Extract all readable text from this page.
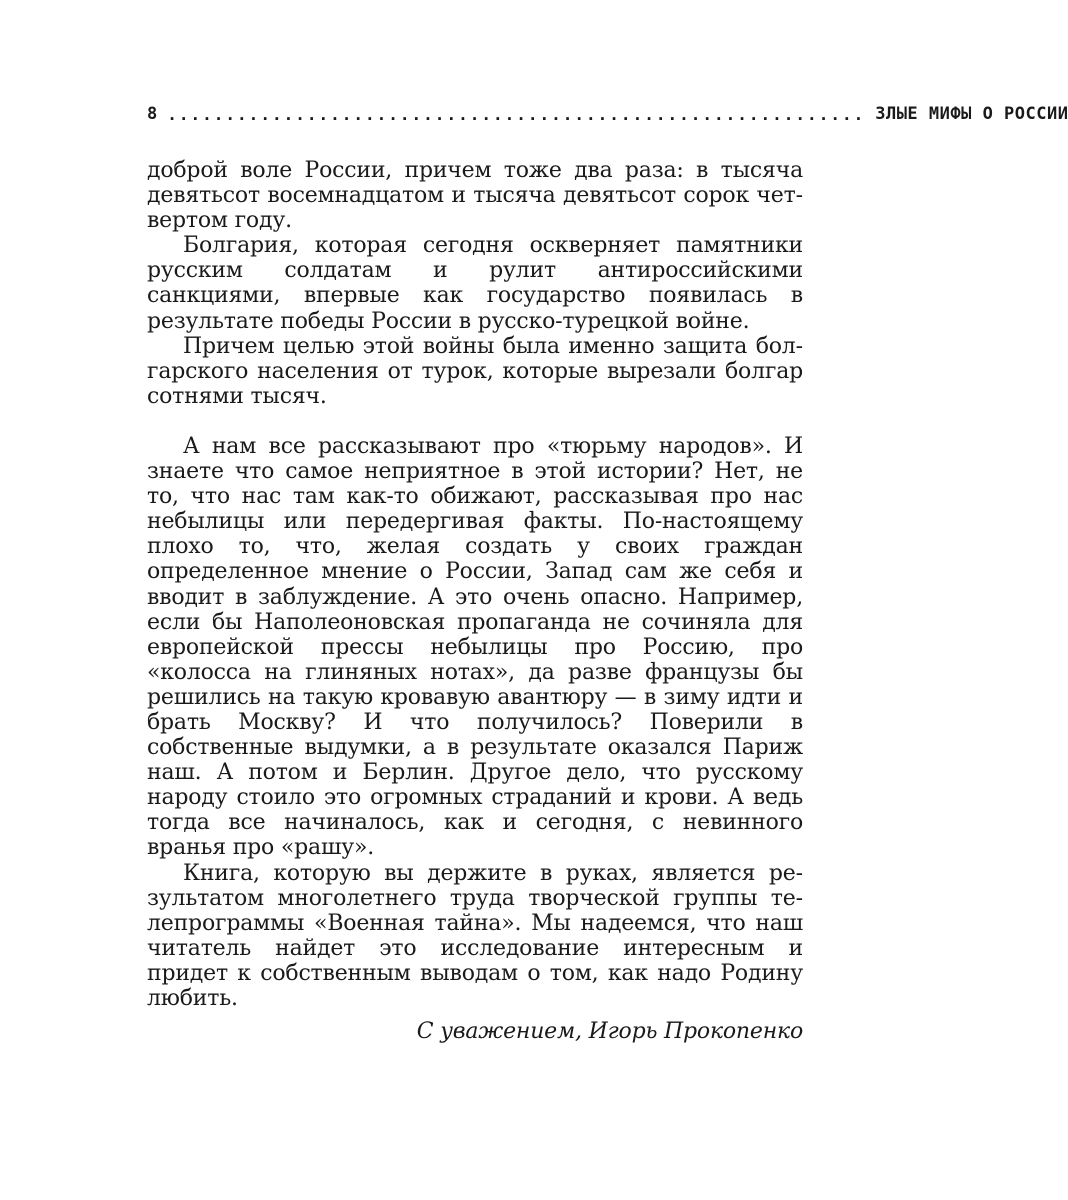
8 ............................................................ ЗЛЫЕ МИФЫ О РОССИИ

доброй воле России, причем тоже два раза: в тысяча девятьсот восемнадцатом и тысяча девятьсот сорок четвертом году.

Болгария, которая сегодня оскверняет памятники русским солдатам и рулит антироссийскими санкциями, впервые как государство появилась в результате победы России в русско-турецкой войне.

Причем целью этой войны была именно защита болгарского населения от турок, которые вырезали болгар сотнями тысяч.

А нам все рассказывают про «тюрьму народов». И знаете что самое неприятное в этой истории? Нет, не то, что нас там как-то обижают, рассказывая про нас небылицы или передергивая факты. По-настоящему плохо то, что, желая создать у своих граждан определенное мнение о России, Запад сам же себя и вводит в заблуждение. А это очень опасно. Например, если бы Наполеоновская пропаганда не сочиняла для европейской прессы небылицы про Россию, про «колосса на глиняных нотах», да разве французы бы решились на такую кровавую авантюру — в зиму идти и брать Москву? И что получилось? Поверили в собственные выдумки, а в результате оказался Париж наш. А потом и Берлин. Другое дело, что русскому народу стоило это огромных страданий и крови. А ведь тогда все начиналось, как и сегодня, с невинного вранья про «рашу».

Книга, которую вы держите в руках, является результатом многолетнего труда творческой группы телепрограммы «Военная тайна». Мы надеемся, что наш читатель найдет это исследование интересным и придет к собственным выводам о том, как надо Родину любить.

С уважением, Игорь Прокопенко
